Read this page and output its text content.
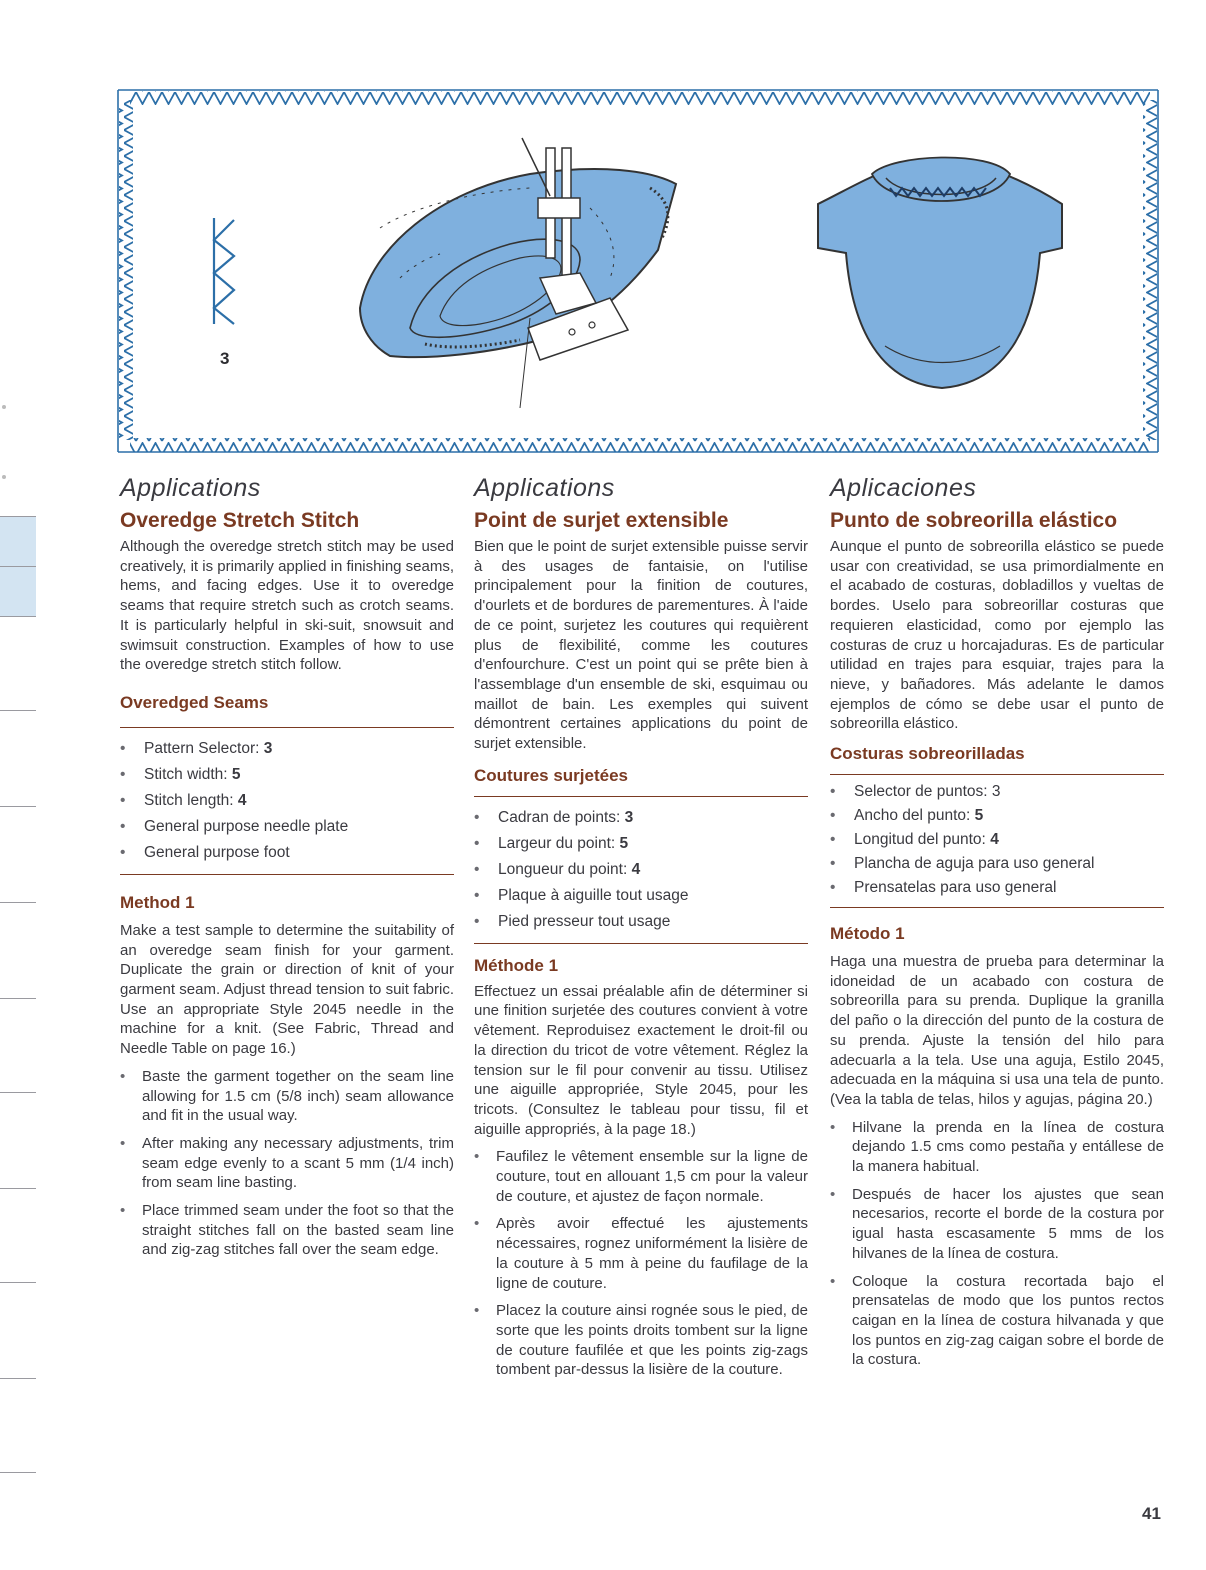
3
Applications
Overedge Stretch Stitch

Although the overedge stretch stitch may be used creatively, it is primarily applied in finishing seams, hems, and facing edges. Use it to overedge seams that require stretch such as crotch seams. It is particularly helpful in ski-suit, snowsuit and swimsuit construction. Examples of how to use the overedge stretch stitch follow.

Overedged Seams
• Pattern Selector: 3
• Stitch width: 5
• Stitch length: 4
• General purpose needle plate
• General purpose foot
Method 1

Make a test sample to determine the suitability of an overedge seam finish for your garment. Duplicate the grain or direction of knit of your garment seam. Adjust thread tension to suit fabric. Use an appropriate Style 2045 needle in the machine for a knit. (See Fabric, Thread and Needle Table on page 16.)

• Baste the garment together on the seam line allowing for 1.5 cm (5/8 inch) seam allowance and fit in the usual way.
• After making any necessary adjustments, trim seam edge evenly to a scant 5 mm (1/4 inch) from seam line basting.
• Place trimmed seam under the foot so that the straight stitches fall on the basted seam line and zig-zag stitches fall over the seam edge.
Applications
Point de surjet extensible

Bien que le point de surjet extensible puisse servir à des usages de fantaisie, on l'utilise principalement pour la finition de coutures, d'ourlets et de bordures de parementures. À l'aide de ce point, surjetez les coutures qui requièrent plus de flexibilité, comme les coutures d'enfourchure. C'est un point qui se prête bien à l'assemblage d'un ensemble de ski, esquimau ou maillot de bain. Les exemples qui suivent démontrent certaines applications du point de surjet extensible.

Coutures surjetées
• Cadran de points: 3
• Largeur du point: 5
• Longueur du point: 4
• Plaque à aiguille tout usage
• Pied presseur tout usage
Méthode 1

Effectuez un essai préalable afin de déterminer si une finition surjetée des coutures convient à votre vêtement. Reproduisez exactement le droit-fil ou la direction du tricot de votre vêtement. Réglez la tension sur le fil pour convenir au tissu. Utilisez une aiguille appropriée, Style 2045, pour les tricots. (Consultez le tableau pour tissu, fil et aiguille appropriés, à la page 18.)

• Faufilez le vêtement ensemble sur la ligne de couture, tout en allouant 1,5 cm pour la valeur de couture, et ajustez de façon normale.
• Après avoir effectué les ajustements nécessaires, rognez uniformément la lisière de la couture à 5 mm à peine du faufilage de la ligne de couture.
• Placez la couture ainsi rognée sous le pied, de sorte que les points droits tombent sur la ligne de couture faufilée et que les points zig-zags tombent par-dessus la lisière de la couture.
Aplicaciones
Punto de sobreorilla elástico

Aunque el punto de sobreorilla elástico se puede usar con creatividad, se usa primordialmente en el acabado de costuras, dobladillos y vueltas de bordes. Uselo para sobreorillar costuras que requieren elasticidad, como por ejemplo las costuras de cruz u horcajaduras. Es de particular utilidad en trajes para esquiar, trajes para la nieve, y bañadores. Más adelante le damos ejemplos de cómo se debe usar el punto de sobreorilla elástico.

Costuras sobreorilladas
• Selector de puntos: 3
• Ancho del punto: 5
• Longitud del punto: 4
• Plancha de aguja para uso general
• Prensatelas para uso general
Método 1

Haga una muestra de prueba para determinar la idoneidad de un acabado con costura de sobreorilla para su prenda. Duplique la granilla del paño o la dirección del punto de la costura de su prenda. Ajuste la tensión del hilo para adecuarla a la tela. Use una aguja, Estilo 2045, adecuada en la máquina si usa una tela de punto. (Vea la tabla de telas, hilos y agujas, página 20.)

• Hilvane la prenda en la línea de costura dejando 1.5 cms como pestaña y entállese de la manera habitual.
• Después de hacer los ajustes que sean necesarios, recorte el borde de la costura por igual hasta escasamente 5 mms de los hilvanes de la línea de costura.
• Coloque la costura recortada bajo el prensatelas de modo que los puntos rectos caigan en la línea de costura hilvanada y que los puntos en zig-zag caigan sobre el borde de la costura.
41
